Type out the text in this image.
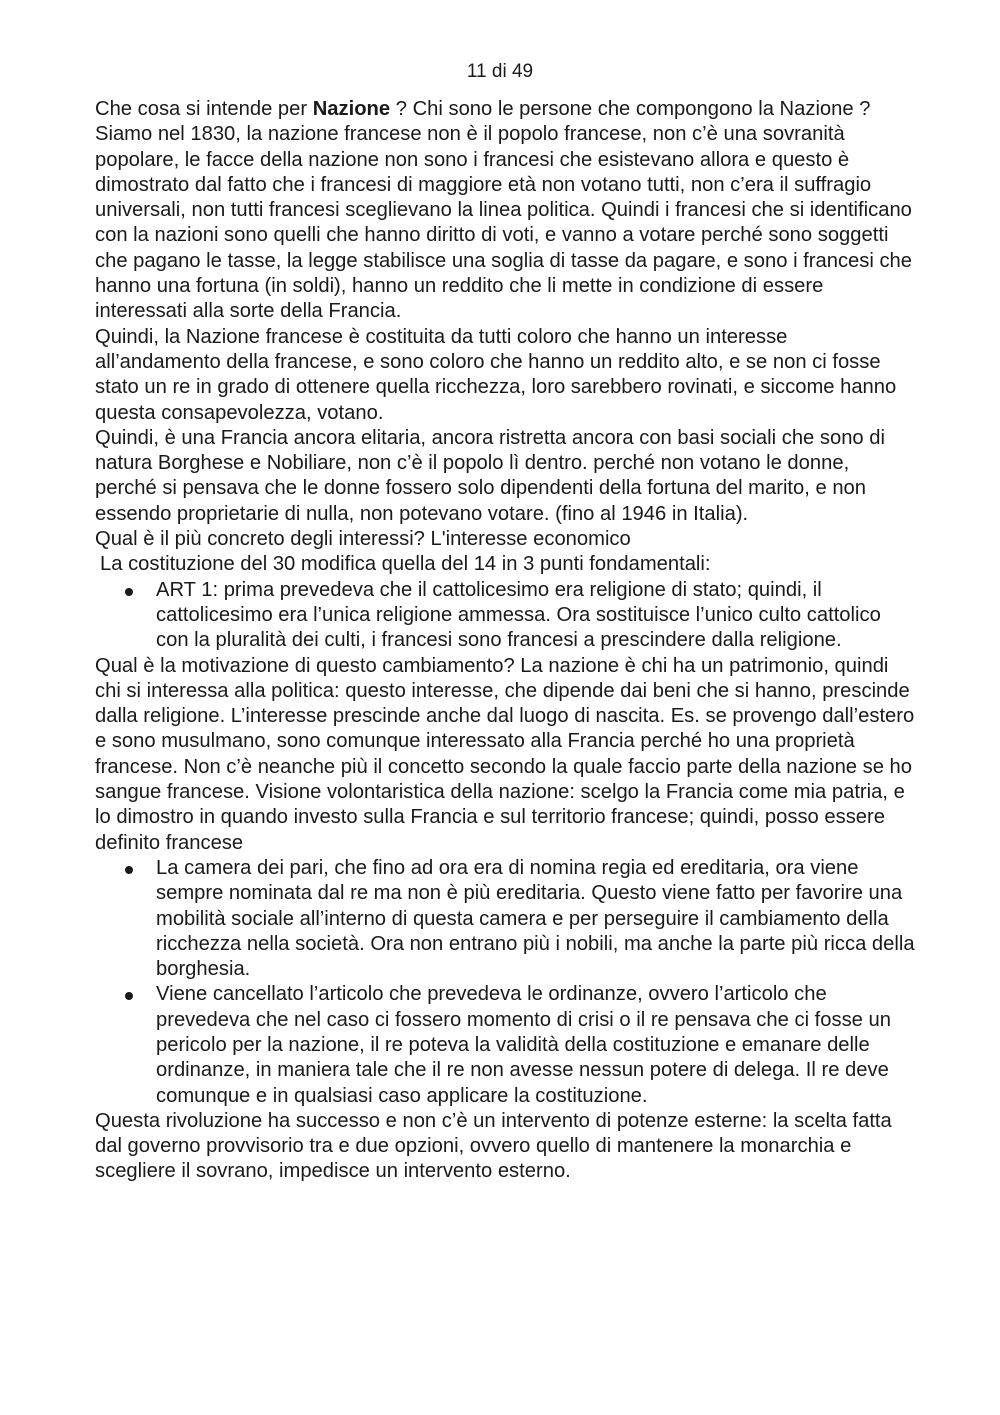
11 di 49

Che cosa si intende per Nazione ? Chi sono le persone che compongono la Nazione ?

Siamo nel 1830, la nazione francese non è il popolo francese, non c’è una sovranità popolare, le facce della nazione non sono i francesi che esistevano allora e questo è dimostrato dal fatto che i francesi di maggiore età non votano tutti, non c’era il suffragio universali, non tutti francesi sceglievano la linea politica. Quindi i francesi che si identificano con la nazioni sono quelli che hanno diritto di voti, e vanno a votare perché sono soggetti che pagano le tasse, la legge stabilisce una soglia di tasse da pagare, e sono i francesi che hanno una fortuna (in soldi), hanno un reddito che li mette in condizione di essere interessati alla sorte della Francia.

Quindi, la Nazione francese è costituita da tutti coloro che hanno un interesse all’andamento della francese, e sono coloro che hanno un reddito alto, e se non ci fosse stato un re in grado di ottenere quella ricchezza, loro sarebbero rovinati, e siccome hanno questa consapevolezza, votano.

Quindi, è una Francia ancora elitaria, ancora ristretta ancora con basi sociali che sono di natura Borghese e Nobiliare, non c’è il popolo lì dentro. perché non votano le donne, perché si pensava che le donne fossero solo dipendenti della fortuna del marito, e non essendo proprietarie di nulla, non potevano votare. (fino al 1946 in Italia).

Qual è il più concreto degli interessi? L'interesse economico

La costituzione del 30 modifica quella del 14 in 3 punti fondamentali:

ART 1: prima prevedeva che il cattolicesimo era religione di stato; quindi, il cattolicesimo era l’unica religione ammessa. Ora sostituisce l’unico culto cattolico con la pluralità dei culti, i francesi sono francesi a prescindere dalla religione.

Qual è la motivazione di questo cambiamento? La nazione è chi ha un patrimonio, quindi chi si interessa alla politica: questo interesse, che dipende dai beni che si hanno, prescinde dalla religione. L’interesse prescinde anche dal luogo di nascita. Es. se provengo dall’estero e sono musulmano, sono comunque interessato alla Francia perché ho una proprietà francese. Non c’è neanche più il concetto secondo la quale faccio parte della nazione se ho sangue francese. Visione volontaristica della nazione: scelgo la Francia come mia patria, e lo dimostro in quando investo sulla Francia e sul territorio francese; quindi, posso essere definito francese

La camera dei pari, che fino ad ora era di nomina regia ed ereditaria, ora viene sempre nominata dal re ma non è più ereditaria. Questo viene fatto per favorire una mobilità sociale all’interno di questa camera e per perseguire il cambiamento della ricchezza nella società. Ora non entrano più i nobili, ma anche la parte più ricca della borghesia.
Viene cancellato l’articolo che prevedeva le ordinanze, ovvero l’articolo che prevedeva che nel caso ci fossero momento di crisi o il re pensava che ci fosse un pericolo per la nazione, il re poteva la validità della costituzione e emanare delle ordinanze, in maniera tale che il re non avesse nessun potere di delega. Il re deve comunque e in qualsiasi caso applicare la costituzione.

Questa rivoluzione ha successo e non c’è un intervento di potenze esterne: la scelta fatta dal governo provvisorio tra e due opzioni, ovvero quello di mantenere la monarchia e scegliere il sovrano, impedisce un intervento esterno.
